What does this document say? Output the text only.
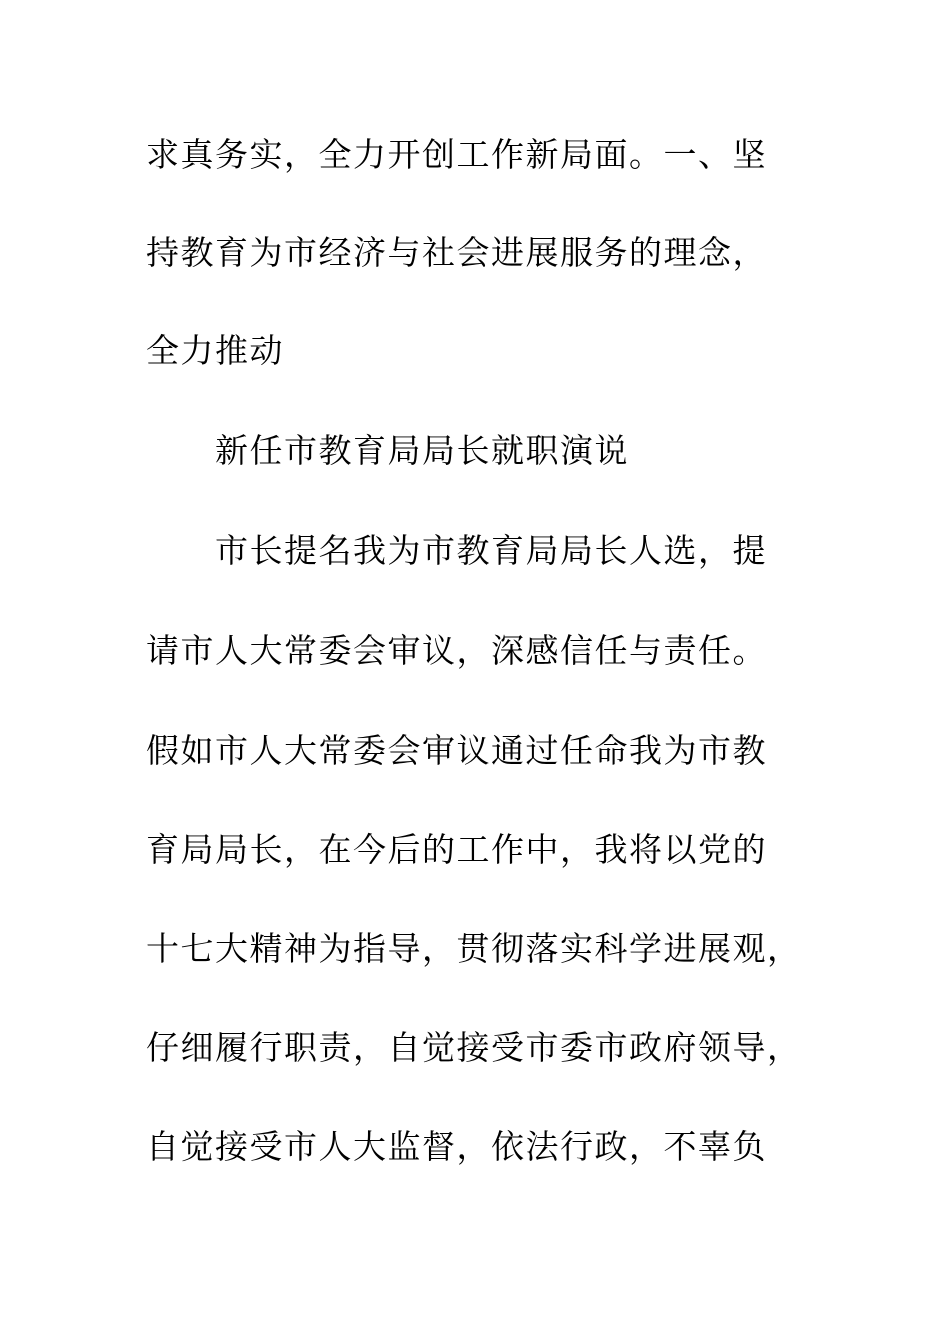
求真务实，全力开创工作新局面。一、坚
持教育为市经济与社会进展服务的理念，
全力推动
新任市教育局局长就职演说
市长提名我为市教育局局长人选，提
请市人大常委会审议，深感信任与责任。
假如市人大常委会审议通过任命我为市教
育局局长，在今后的工作中，我将以党的
十七大精神为指导，贯彻落实科学进展观，
仔细履行职责，自觉接受市委市政府领导，
自觉接受市人大监督，依法行政，不辜负
